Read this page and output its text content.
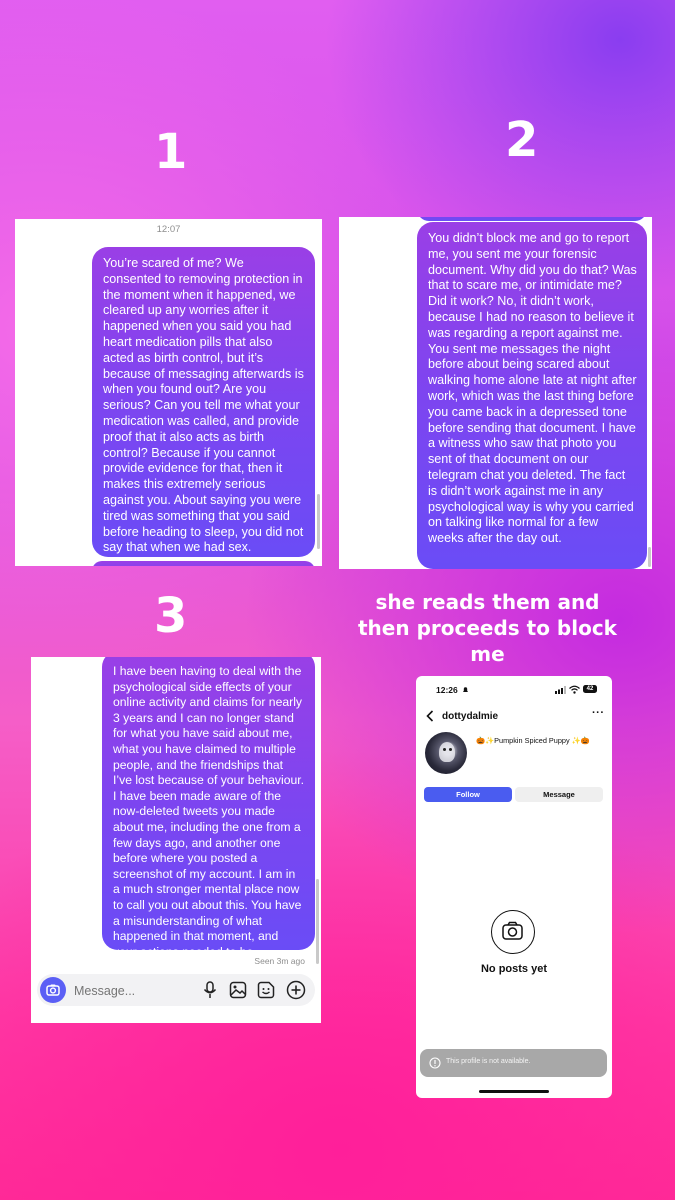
1
12:07
You’re scared of me? We consented to removing protection in the moment when it happened, we cleared up any worries after it happened when you said you had heart medication pills that also acted as birth control, but it’s because of messaging afterwards is when you found out? Are you serious? Can you tell me what your medication was called, and provide proof that it also acts as birth control? Because if you cannot provide evidence for that, then it makes this extremely serious against you. About saying you were tired was something that you said before heading to sleep, you did not say that when we had sex.
2
You didn’t block me and go to report me, you sent me your forensic document. Why did you do that? Was that to scare me, or intimidate me? Did it work? No, it didn’t work, because I had no reason to believe it was regarding a report against me. You sent me messages the night before about being scared about walking home alone late at night after work, which was the last thing before you came back in a depressed tone before sending that document. I have a witness who saw that photo you sent of that document on our telegram chat you deleted. The fact is didn’t work against me in any psychological way is why you carried on talking like normal for a few weeks after the day out.
3
I have been having to deal with the psychological side effects of your online activity and claims for nearly 3 years and I can no longer stand for what you have said about me, what you have claimed to multiple people, and the friendships that I’ve lost because of your behaviour. I have been made aware of the now-deleted tweets you made about me, including the one from a few days ago, and another one before where you posted a screenshot of my account. I am in a much stronger mental place now to call you out about this. You have a misunderstanding of what happened in that moment, and your actions needed to be addressed.	Seen 3m ago
Message...
she reads them and then proceeds to block me
12:26	42
dottydalmie	···
🎃✨Pumpkin Spiced Puppy ✨🎃
Follow	Message
No posts yet
This profile is not available.
